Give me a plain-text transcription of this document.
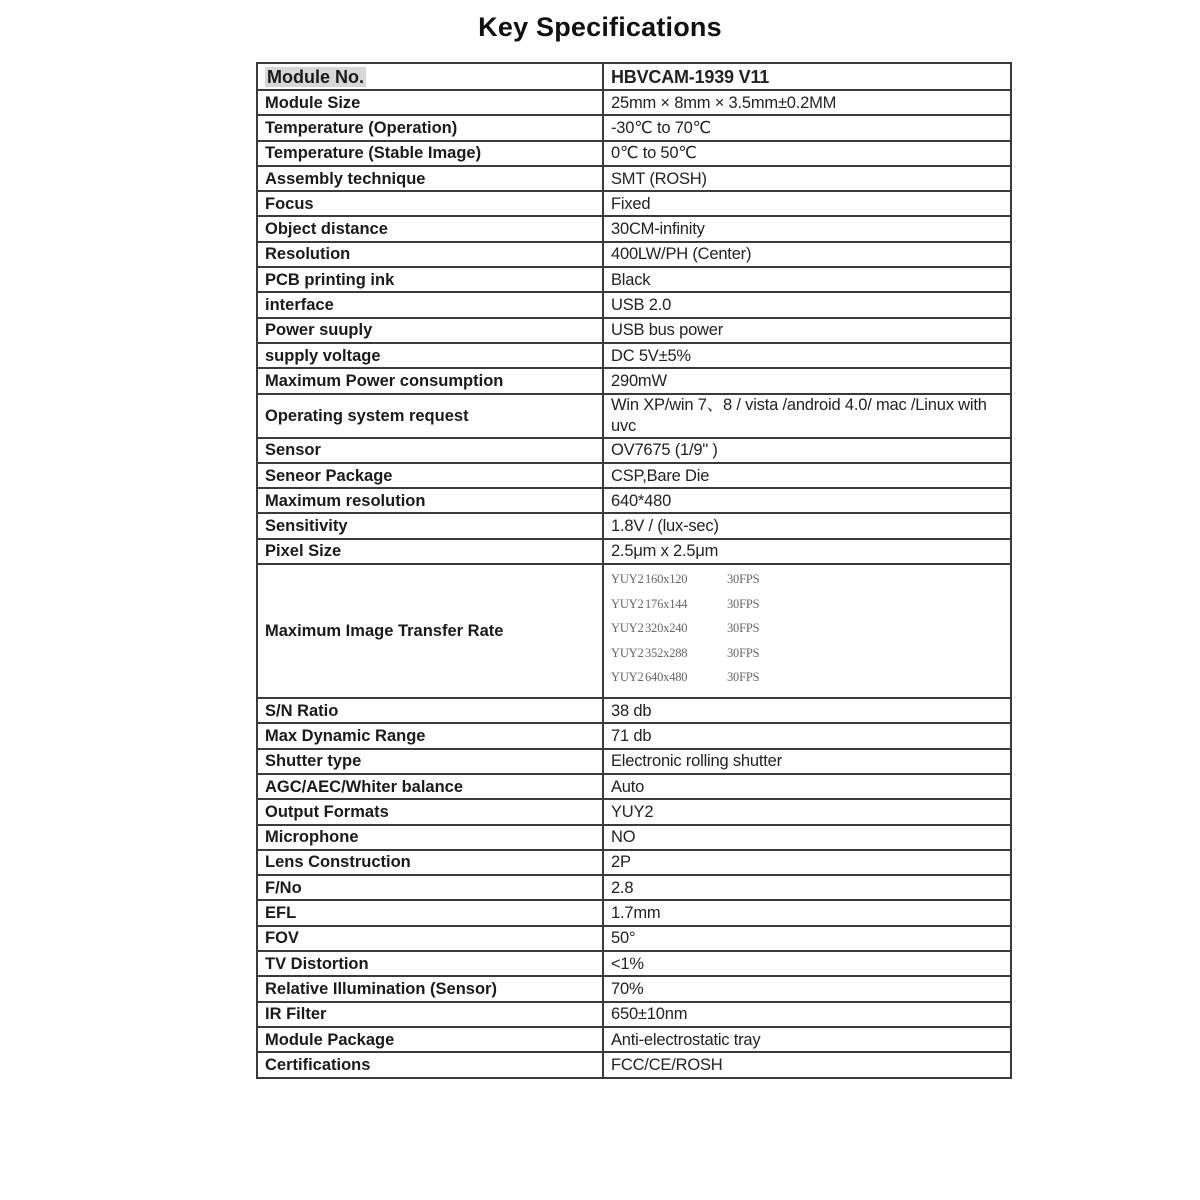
Key Specifications
Module No.	HBVCAM-1939 V11
Module Size	25mm × 8mm × 3.5mm±0.2MM
Temperature (Operation)	-30℃ to 70℃
Temperature (Stable Image)	0℃ to 50℃
Assembly technique	SMT (ROSH)
Focus	Fixed
Object distance	30CM-infinity
Resolution	400LW/PH (Center)
PCB printing ink	Black
interface	USB 2.0
Power suuply	USB bus power
supply voltage	DC 5V±5%
Maximum Power consumption	290mW
Operating system request	Win XP/win 7、8 / vista /android 4.0/ mac /Linux with uvc
Sensor	OV7675 (1/9" )
Seneor Package	CSP,Bare Die
Maximum resolution	640*480
Sensitivity	1.8V / (lux-sec)
Pixel Size	2.5μm x 2.5μm
Maximum Image Transfer Rate	YUY2160x120 30FPS
YUY2176x144 30FPS
YUY2320x240 30FPS
YUY2352x288 30FPS
YUY2640x480 30FPS

S/N Ratio	38 db
Max Dynamic Range	71 db
Shutter type	Electronic rolling shutter
AGC/AEC/Whiter balance	Auto
Output Formats	YUY2
Microphone	NO
Lens Construction	2P
F/No	2.8
EFL	1.7mm
FOV	50°
TV Distortion	<1%
Relative Illumination (Sensor)	70%
IR Filter	650±10nm
Module Package	Anti-electrostatic tray
Certifications	FCC/CE/ROSH
